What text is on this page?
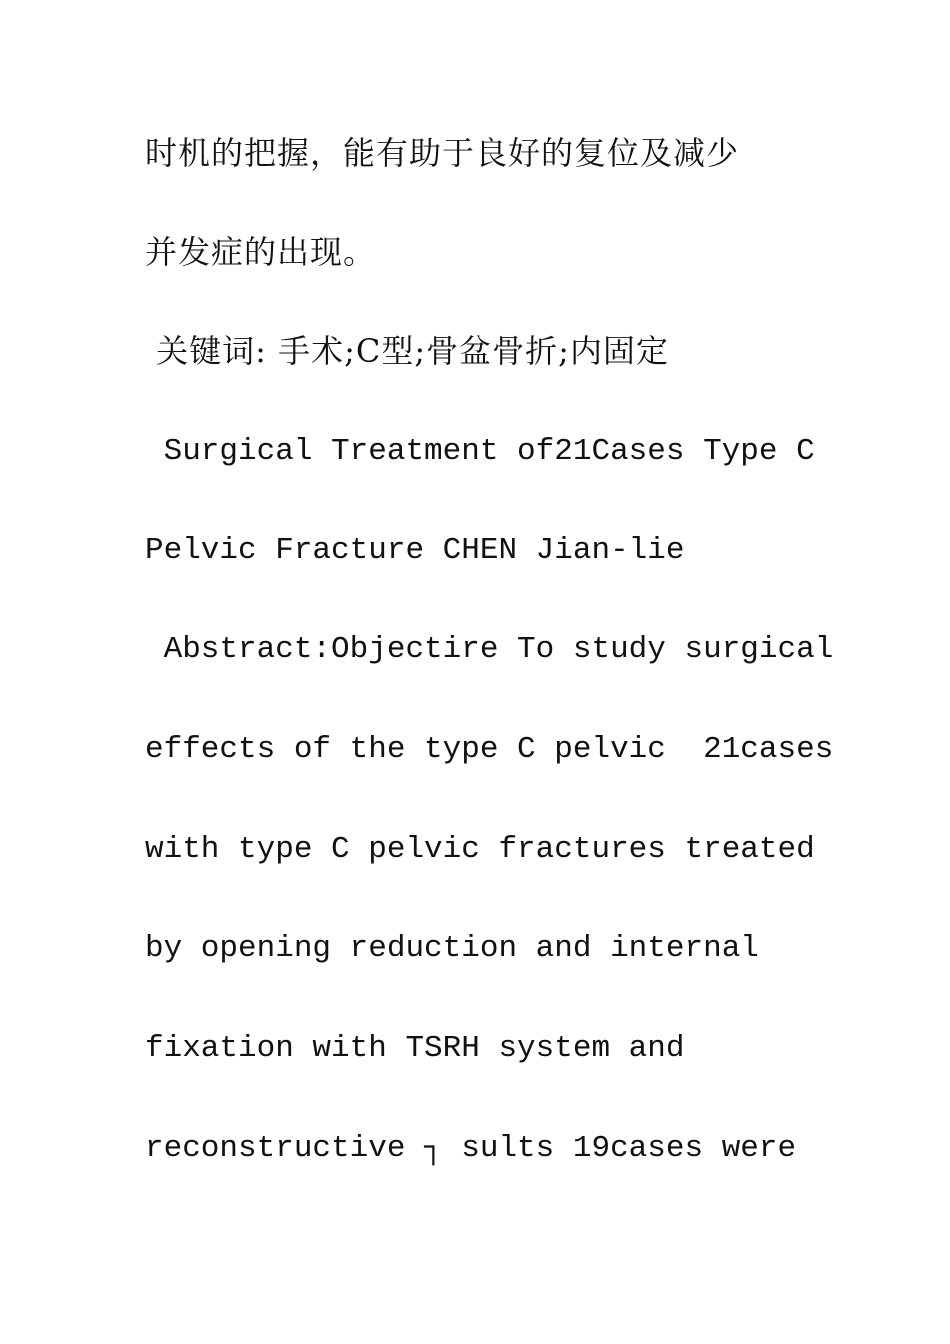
时机的把握，能有助于良好的复位及减少
并发症的出现。
关键词: 手术;C型;骨盆骨折;内固定
Surgical Treatment of21Cases Type C
Pelvic Fracture CHEN Jian-lie
Abstract:Objectire To study surgical
effects of the type C pelvic  21cases
with type C pelvic fractures treated
by opening reduction and internal
fixation with TSRH system and
reconstructive ┐ sults 19cases were
